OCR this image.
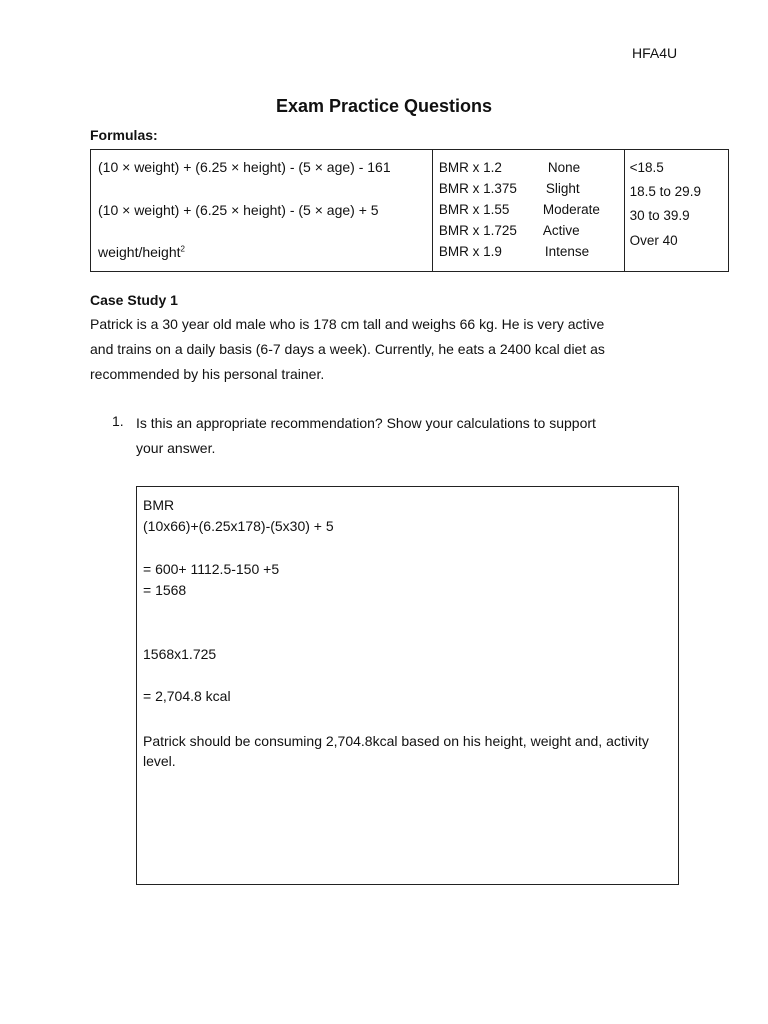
HFA4U
Exam Practice Questions
Formulas:
(10 × weight) + (6.25 × height) - (5 × age) - 161
(10 × weight) + (6.25 × height) - (5 × age) + 5
weight/height$^2$

BMR x 1.2	None
BMR x 1.375 Slight
BMR x 1.55 Moderate
BMR x 1.725 Active
BMR x 1.9	Intense

<18.5
18.5 to 29.9
30 to 39.9
Over 40
Case Study 1
Patrick is a 30 year old male who is 178 cm tall and weighs 66 kg. He is very active
and trains on a daily basis (6-7 days a week). Currently, he eats a 2400 kcal diet as
recommended by his personal trainer.
1. Is this an appropriate recommendation? Show your calculations to support
your answer.
BMR
(10x66)+(6.25x178)-(5x30) + 5
= 600+ 1112.5-150 +5
= 1568
1568x1.725
= 2,704.8 kcal
Patrick should be consuming 2,704.8kcal based on his height, weight and, activity level.
